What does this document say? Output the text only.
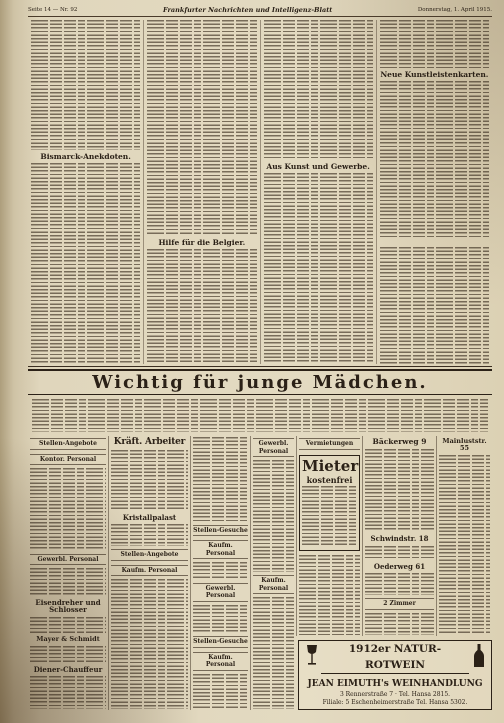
Seite 14 — Nr. 92	Frankfurter Nachrichten und Intelligenz-Blatt	Donnerstag, 1. April 1915.
Bismarck-Anekdoten.
Hilfe für die Belgier.
Aus Kunst und Gewerbe.
Neue Kunstleistenkarten.
Wichtig für junge Mädchen.
Stellen-Angebote
Kontor. Personal
Gewerbl. Personal
Eisendreher und Schlosser
Mayer & Schmidt
Diener-Chauffeur
Kräft. Arbeiter
Kristallpalast
Stellen-Angebote
Kaufm. Personal
Stellen-Gesuche
Kaufm. Personal
Gewerbl. Personal
Stellen-Gesuche
Kaufm. Personal
Gewerbl. Personal
Kaufm. Personal
Vermietungen
Mieter
kostenfrei
Bäckerweg 9
Schwindstr. 18
Oederweg 61
2 Zimmer
Mainluststr. 55
1912er NATUR-ROTWEIN
JEAN EIMUTH's WEINHANDLUNG
3 Rennerstraße 7 · Tel. Hansa 2815.
Filiale: 5 Eschenheimerstraße Tel. Hansa 5302.
